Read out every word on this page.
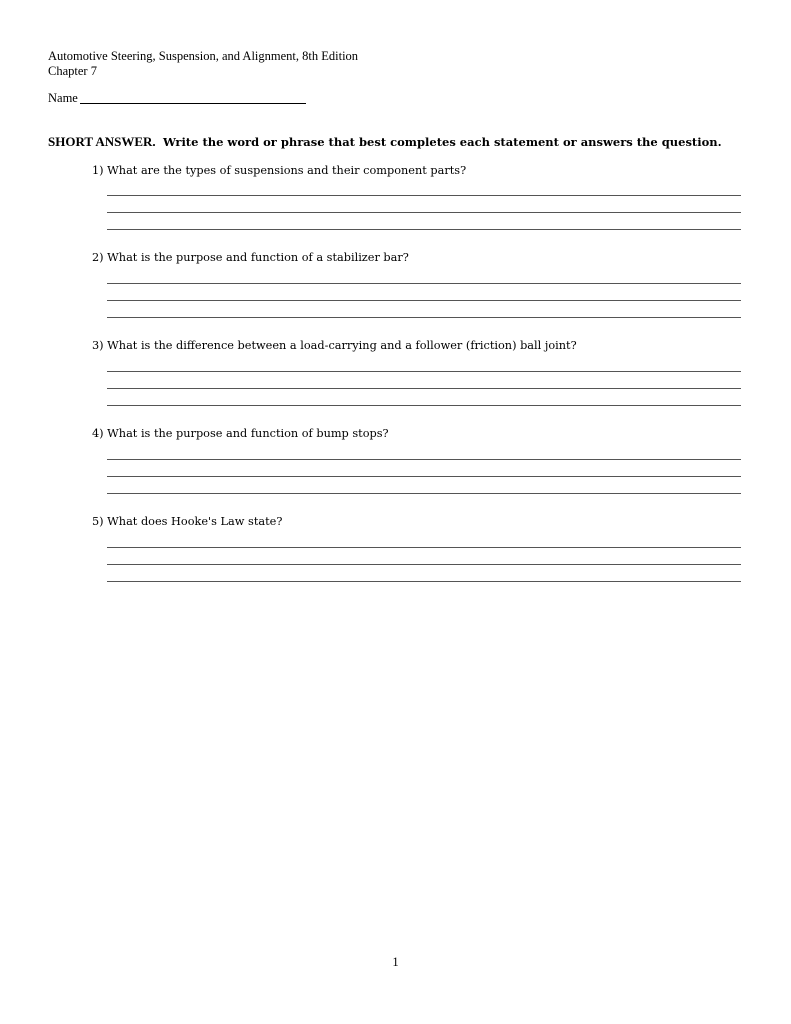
Automotive Steering, Suspension, and Alignment, 8th Edition
Chapter 7
Name
SHORT ANSWER. Write the word or phrase that best completes each statement or answers the question.
1) What are the types of suspensions and their component parts?
2) What is the purpose and function of a stabilizer bar?
3) What is the difference between a load-carrying and a follower (friction) ball joint?
4) What is the purpose and function of bump stops?
5) What does Hooke's Law state?
1
